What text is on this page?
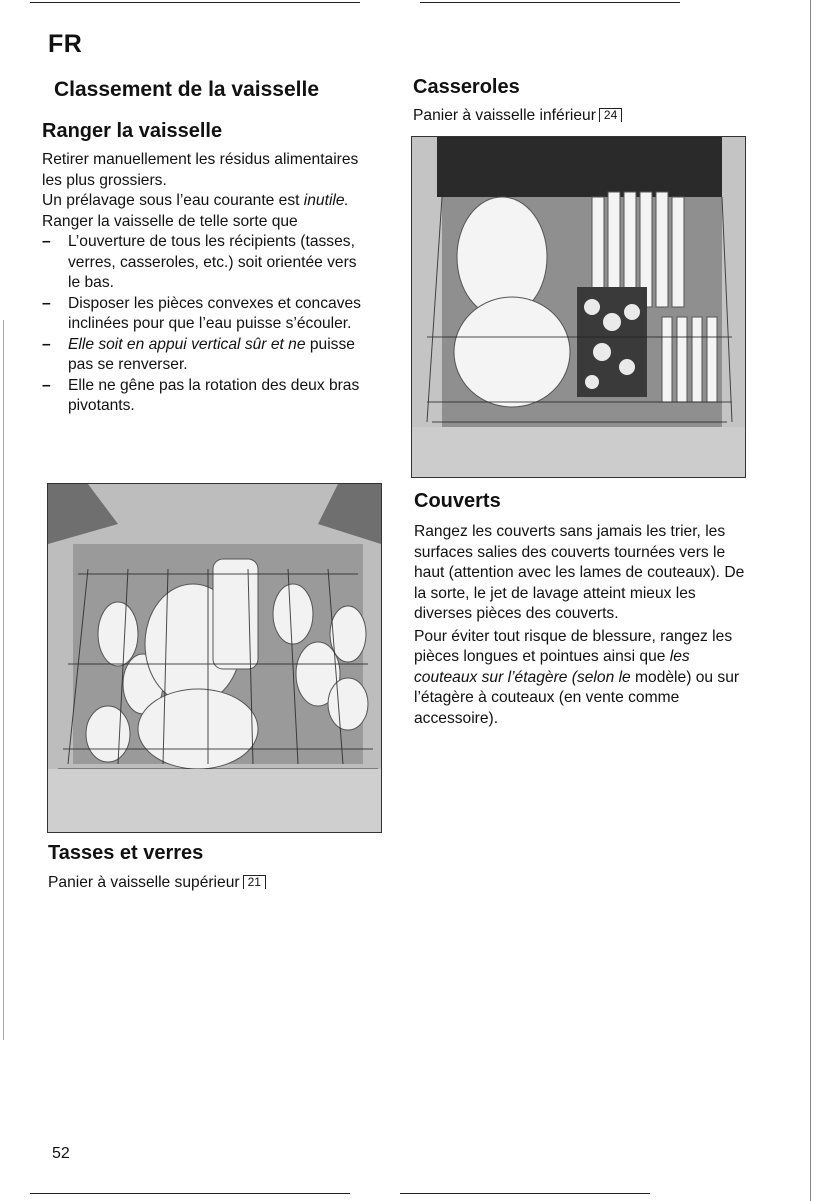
FR
Classement de la vaisselle
Ranger la vaisselle
Retirer manuellement les résidus alimentaires les plus grossiers.
Un prélavage sous l’eau courante est inutile.
Ranger la vaisselle de telle sorte que
– L’ouverture de tous les récipients (tasses, verres, casseroles, etc.) soit orientée vers le bas.
– Disposer les pièces convexes et concaves inclinées pour que l’eau puisse s’écouler.
– Elle soit en appui vertical sûr et ne puisse pas se renverser.
– Elle ne gêne pas la rotation des deux bras pivotants.
Tasses et verres
Panier à vaisselle supérieur 21
Casseroles
Panier à vaisselle inférieur 24
Couverts
Rangez les couverts sans jamais les trier, les surfaces salies des couverts tournées vers le haut (attention avec les lames de couteaux). De la sorte, le jet de lavage atteint mieux les diverses pièces des couverts.
Pour éviter tout risque de blessure, rangez les pièces longues et pointues ainsi que les couteaux sur l’étagère (selon le modèle) ou sur l’étagère à couteaux (en vente comme accessoire).
52
